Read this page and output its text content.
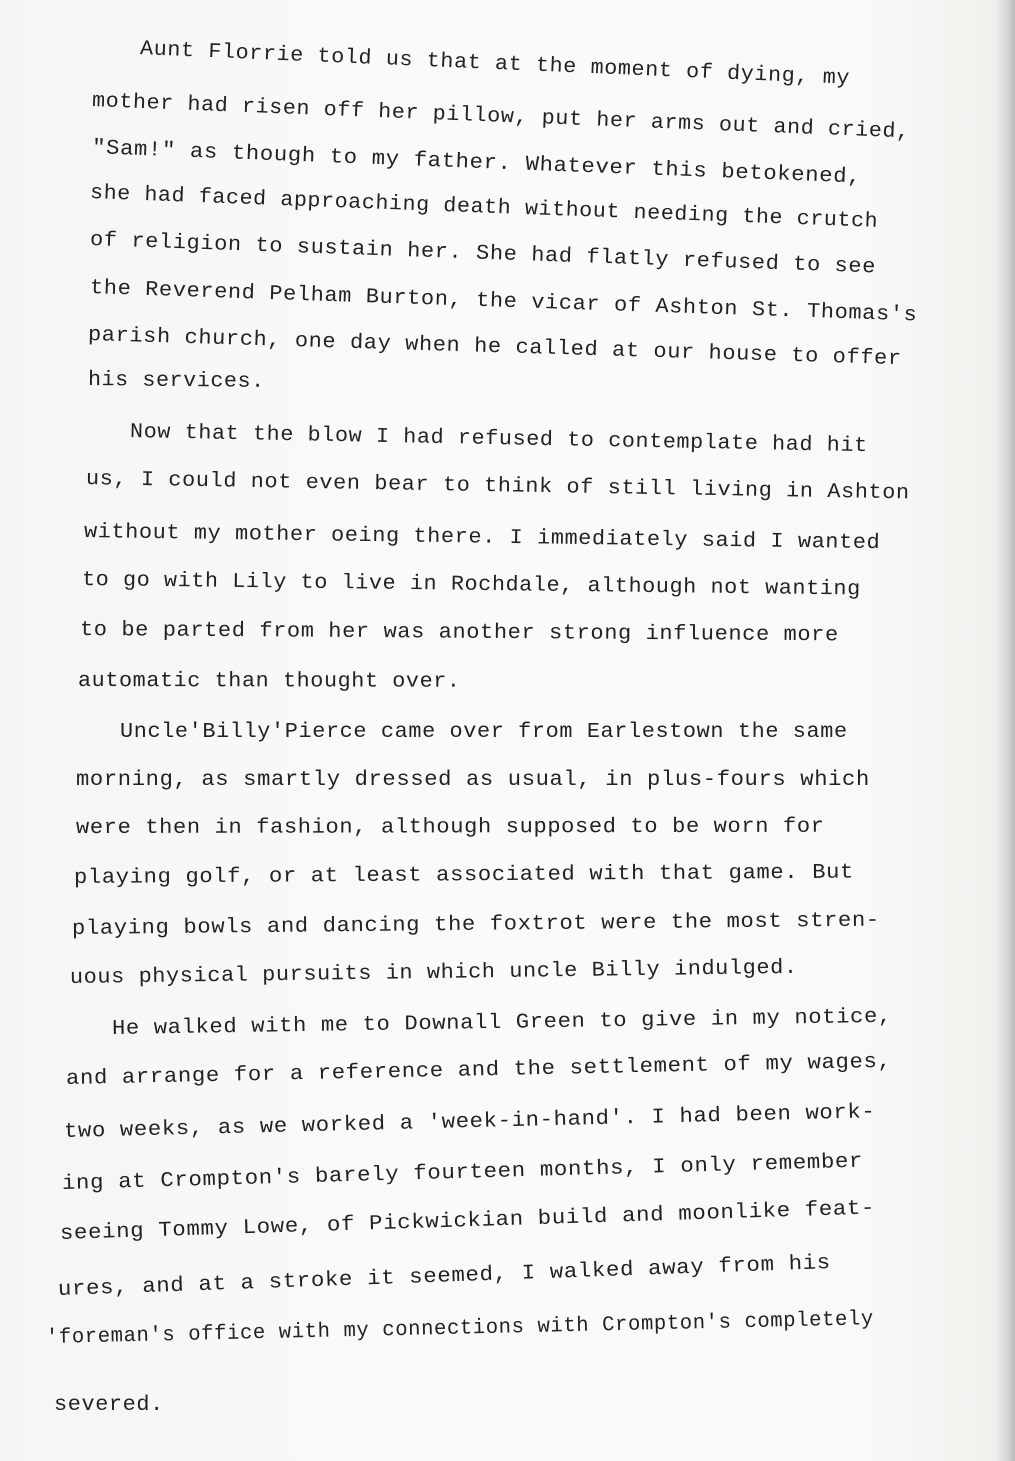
Aunt Florrie told us that at the moment of dying, my
mother had risen off her pillow, put her arms out and cried,
"Sam!" as though to my father. Whatever this betokened,
she had faced approaching death without needing the crutch
of religion to sustain her. She had flatly refused to see
the Reverend Pelham Burton, the vicar of Ashton St. Thomas's
parish church, one day when he called at our house to offer
his services.
Now that the blow I had refused to contemplate had hit
us, I could not even bear to think of still living in Ashton
without my mother oeing there. I immediately said I wanted
to go with Lily to live in Rochdale, although not wanting
to be parted from her was another strong influence more
automatic than thought over.
Uncle'Billy'Pierce came over from Earlestown the same
morning, as smartly dressed as usual, in plus-fours which
were then in fashion, although supposed to be worn for
playing golf, or at least associated with that game. But
playing bowls and dancing the foxtrot were the most stren-
uous physical pursuits in which uncle Billy indulged.
He walked with me to Downall Green to give in my notice,
and arrange for a reference and the settlement of my wages,
two weeks, as we worked a 'week-in-hand'. I had been work-
ing at Crompton's barely fourteen months, I only remember
seeing Tommy Lowe, of Pickwickian build and moonlike feat-
ures, and at a stroke it seemed, I walked away from his
'foreman's office with my connections with Crompton's completely
severed.
